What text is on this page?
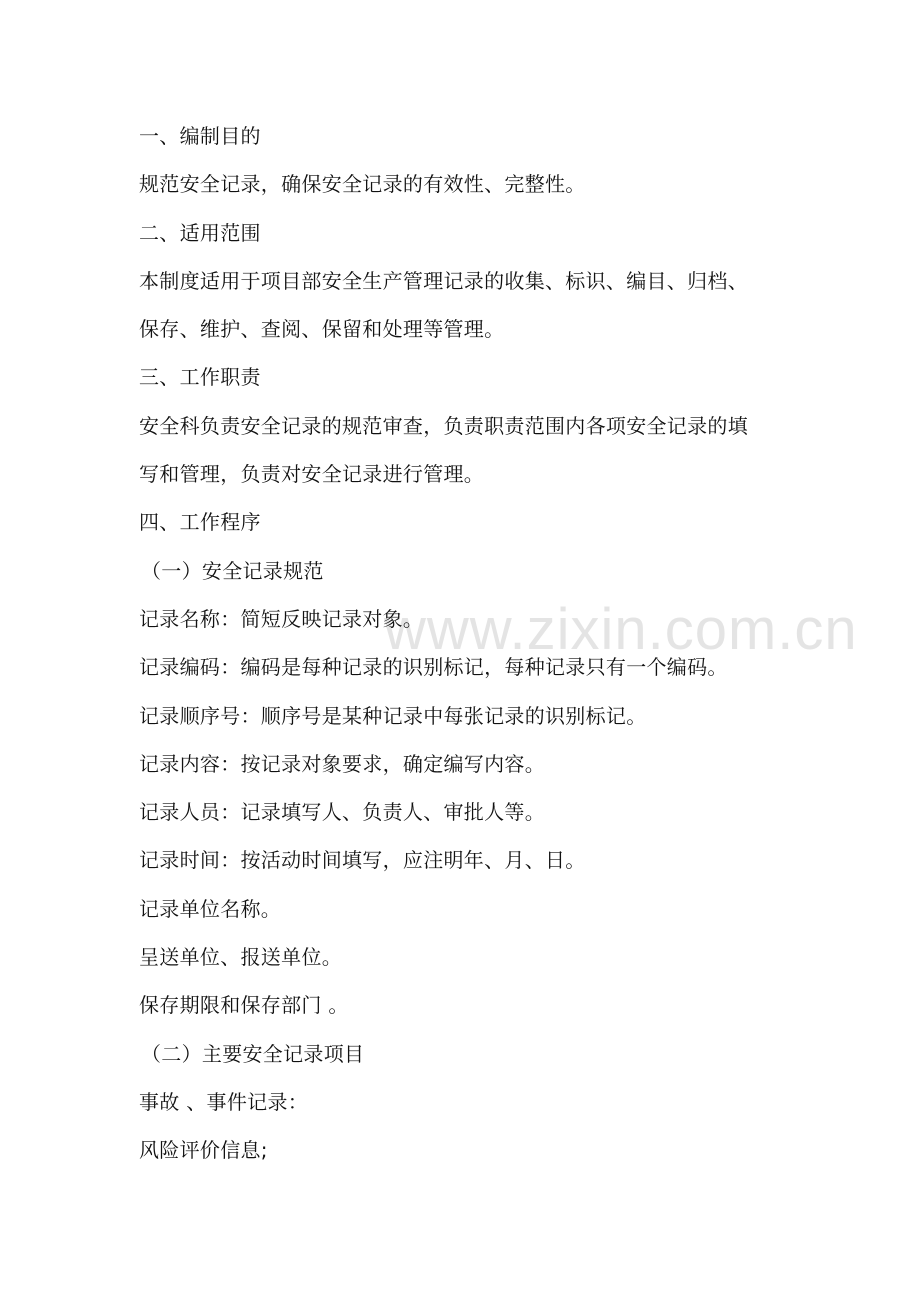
www.zixin.com.cn
一、编制目的
规范安全记录，确保安全记录的有效性、完整性。
二、适用范围
本制度适用于项目部安全生产管理记录的收集、标识、编目、归档、
保存、维护、查阅、保留和处理等管理。
三、工作职责
安全科负责安全记录的规范审查，负责职责范围内各项安全记录的填
写和管理，负责对安全记录进行管理。
四、工作程序
（一）安全记录规范
记录名称：简短反映记录对象。
记录编码：编码是每种记录的识别标记，每种记录只有一个编码。
记录顺序号：顺序号是某种记录中每张记录的识别标记。
记录内容：按记录对象要求，确定编写内容。
记录人员：记录填写人、负责人、审批人等。
记录时间：按活动时间填写，应注明年、月、日。
记录单位名称。
呈送单位、报送单位。
保存期限和保存部门 。
（二）主要安全记录项目
事故 、事件记录：
风险评价信息;
